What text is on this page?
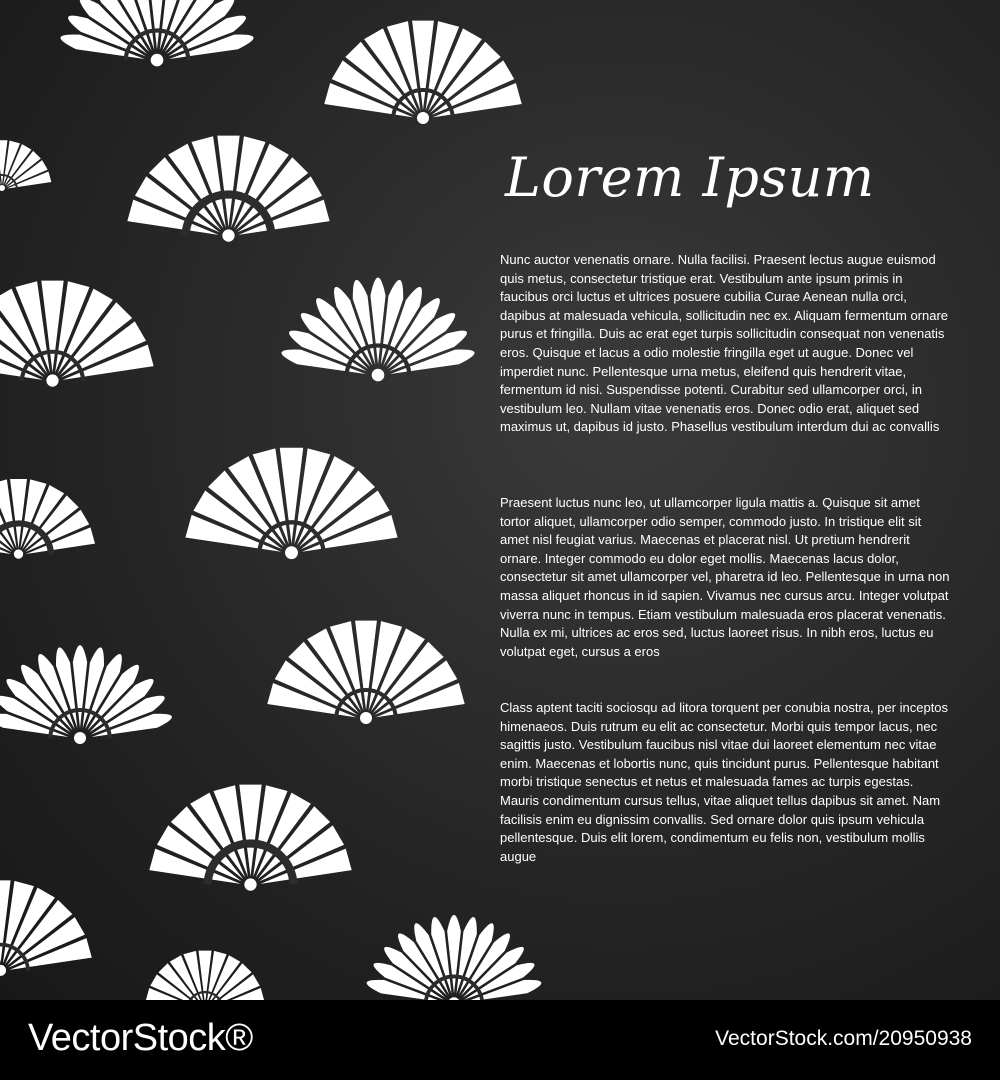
Lorem Ipsum

Nunc auctor venenatis ornare. Nulla facilisi. Praesent lectus augue euismod quis metus, consectetur tristique erat. Vestibulum ante ipsum primis in faucibus orci luctus et ultrices posuere cubilia Curae Aenean nulla orci, dapibus at malesuada vehicula, sollicitudin nec ex. Aliquam fermentum ornare purus et fringilla. Duis ac erat eget turpis sollicitudin consequat non venenatis eros. Quisque et lacus a odio molestie fringilla eget ut augue. Donec vel imperdiet nunc. Pellentesque urna metus, eleifend quis hendrerit vitae, fermentum id nisi. Suspendisse potenti. Curabitur sed ullamcorper orci, in vestibulum leo. Nullam vitae venenatis eros. Donec odio erat, aliquet sed maximus ut, dapibus id justo. Phasellus vestibulum interdum dui ac convallis

Praesent luctus nunc leo, ut ullamcorper ligula mattis a. Quisque sit amet tortor aliquet, ullamcorper odio semper, commodo justo. In tristique elit sit amet nisl feugiat varius. Maecenas et placerat nisl. Ut pretium hendrerit ornare. Integer commodo eu dolor eget mollis. Maecenas lacus dolor, consectetur sit amet ullamcorper vel, pharetra id leo. Pellentesque in urna non massa aliquet rhoncus in id sapien. Vivamus nec cursus arcu. Integer volutpat viverra nunc in tempus. Etiam vestibulum malesuada eros placerat venenatis. Nulla ex mi, ultrices ac eros sed, luctus laoreet risus. In nibh eros, luctus eu volutpat eget, cursus a eros

Class aptent taciti sociosqu ad litora torquent per conubia nostra, per inceptos himenaeos. Duis rutrum eu elit ac consectetur. Morbi quis tempor lacus, nec sagittis justo. Vestibulum faucibus nisl vitae dui laoreet elementum nec vitae enim. Maecenas et lobortis nunc, quis tincidunt purus. Pellentesque habitant morbi tristique senectus et netus et malesuada fames ac turpis egestas. Mauris condimentum cursus tellus, vitae aliquet tellus dapibus sit amet. Nam facilisis enim eu dignissim convallis. Sed ornare dolor quis ipsum vehicula pellentesque. Duis elit lorem, condimentum eu felis non, vestibulum mollis augue

VectorStock®	VectorStock.com/20950938
